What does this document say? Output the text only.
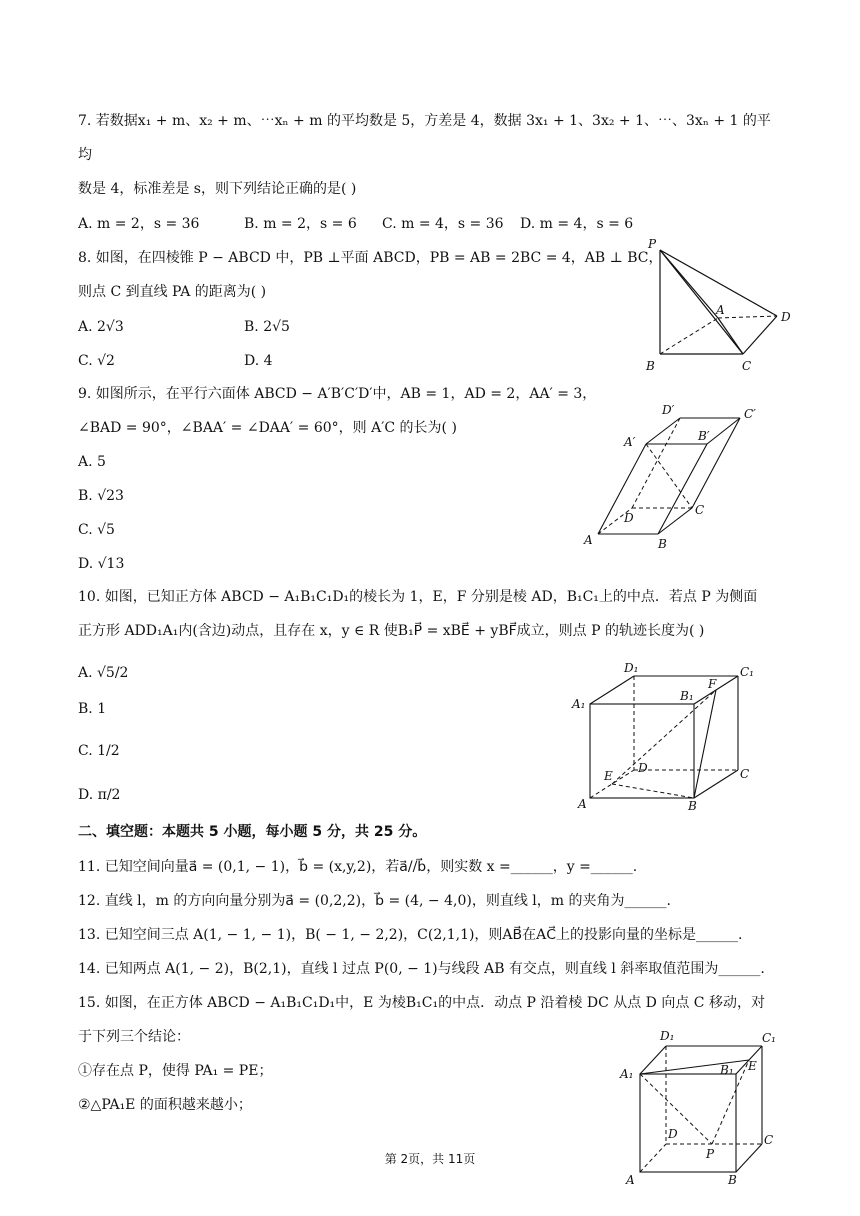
7. 若数据x₁ + m、x₂ + m、⋯xₙ + m 的平均数是 5，方差是 4，数据 3x₁ + 1、3x₂ + 1、⋯、3xₙ + 1 的平
均
数是 4，标准差是 s，则下列结论正确的是( )
A. m = 2，s = 36	B. m = 2，s = 6 C. m = 4，s = 36 D. m = 4，s = 6
8. 如图，在四棱锥 P − ABCD 中，PB ⊥平面 ABCD，PB = AB = 2BC = 4，AB ⊥ BC，
则点 C 到直线 PA 的距离为( )
A. 2√3	B. 2√5
C. √2	D. 4
P
A	D
B	C
9. 如图所示，在平行六面体 ABCD − A′B′C′D′中，AB = 1，AD = 2，AA′ = 3，
∠BAD = 90°，∠BAA′ = ∠DAA′ = 60°，则 A′C 的长为( )
A. 5
B. √23
C. √5
D. √13
D′	C′
A′	B′
D
C
A	B
10. 如图，已知正方体 ABCD − A₁B₁C₁D₁的棱长为 1，E，F 分别是棱 AD，B₁C₁上的中点．若点 P 为侧面
正方形 ADD₁A₁内(含边)动点，且存在 x，y ∈ R 使B₁P⃗ = xBE⃗ + yBF⃗成立，则点 P 的轨迹长度为( )
A. √5/2
B. 1
C. 1/2
D. π/2
D₁	C₁
A₁
B₁
F
D
E	C
A	B
二、填空题：本题共 5 小题，每小题 5 分，共 25 分。
11. 已知空间向量a⃗ = (0,1, − 1)，b⃗ = (x,y,2)，若a⃗//b⃗，则实数 x =______，y =______.
12. 直线 l，m 的方向向量分别为a⃗ = (0,2,2)，b⃗ = (4, − 4,0)，则直线 l，m 的夹角为______.
13. 已知空间三点 A(1, − 1, − 1)，B( − 1, − 2,2)，C(2,1,1)，则AB⃗在AC⃗上的投影向量的坐标是______.
14. 已知两点 A(1, − 2)，B(2,1)，直线 l 过点 P(0, − 1)与线段 AB 有交点，则直线 l 斜率取值范围为______.
15. 如图，在正方体 ABCD − A₁B₁C₁D₁中，E 为棱B₁C₁的中点．动点 P 沿着棱 DC 从点 D 向点 C 移动，对
于下列三个结论：
①存在点 P，使得 PA₁ = PE；
②△PA₁E 的面积越来越小；
D₁	C₁
A₁	B₁ E
D	C
P
A	B
第 2页，共 11页
